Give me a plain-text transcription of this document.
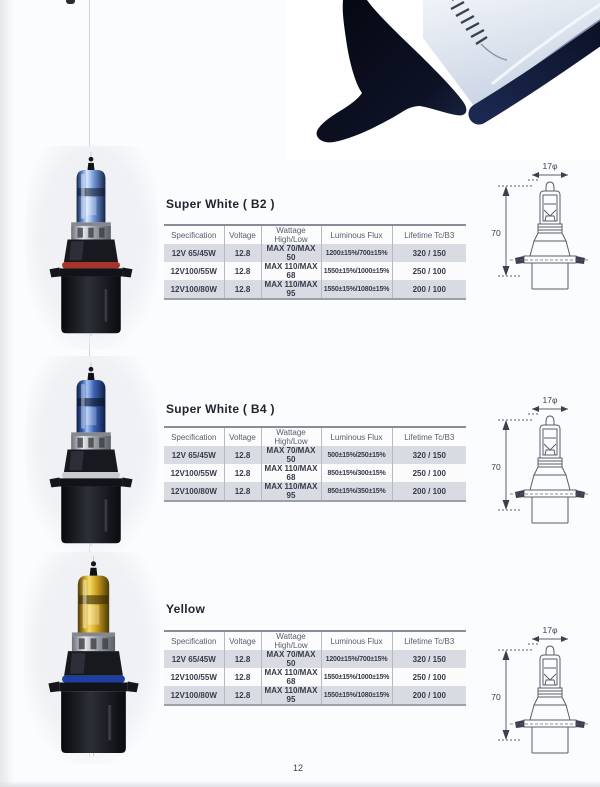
Super White ( B2 )
Super White ( B4 )
Yellow
Specification	Voltage	Wattage High/Low	Luminous Flux	Lifetime Tc/B3
12V 65/45W	12.8	MAX 70/MAX 50	1200±15%/700±15%	320 / 150
12V100/55W	12.8	MAX 110/MAX 68	1550±15%/1000±15%	250 / 100
12V100/80W	12.8	MAX 110/MAX 95	1550±15%/1080±15%	200 / 100
Specification	Voltage	Wattage High/Low	Luminous Flux	Lifetime Tc/B3
12V 65/45W	12.8	MAX 70/MAX 50	500±15%/250±15%	320 / 150
12V100/55W	12.8	MAX 110/MAX 68	850±15%/300±15%	250 / 100
12V100/80W	12.8	MAX 110/MAX 95	850±15%/350±15%	200 / 100
Specification	Voltage	Wattage High/Low	Luminous Flux	Lifetime Tc/B3
12V 65/45W	12.8	MAX 70/MAX 50	1200±15%/700±15%	320 / 150
12V100/55W	12.8	MAX 110/MAX 68	1550±15%/1000±15%	250 / 100
12V100/80W	12.8	MAX 110/MAX 95	1550±15%/1080±15%	200 / 100
17φ
70
17φ
70
17φ
70
12
